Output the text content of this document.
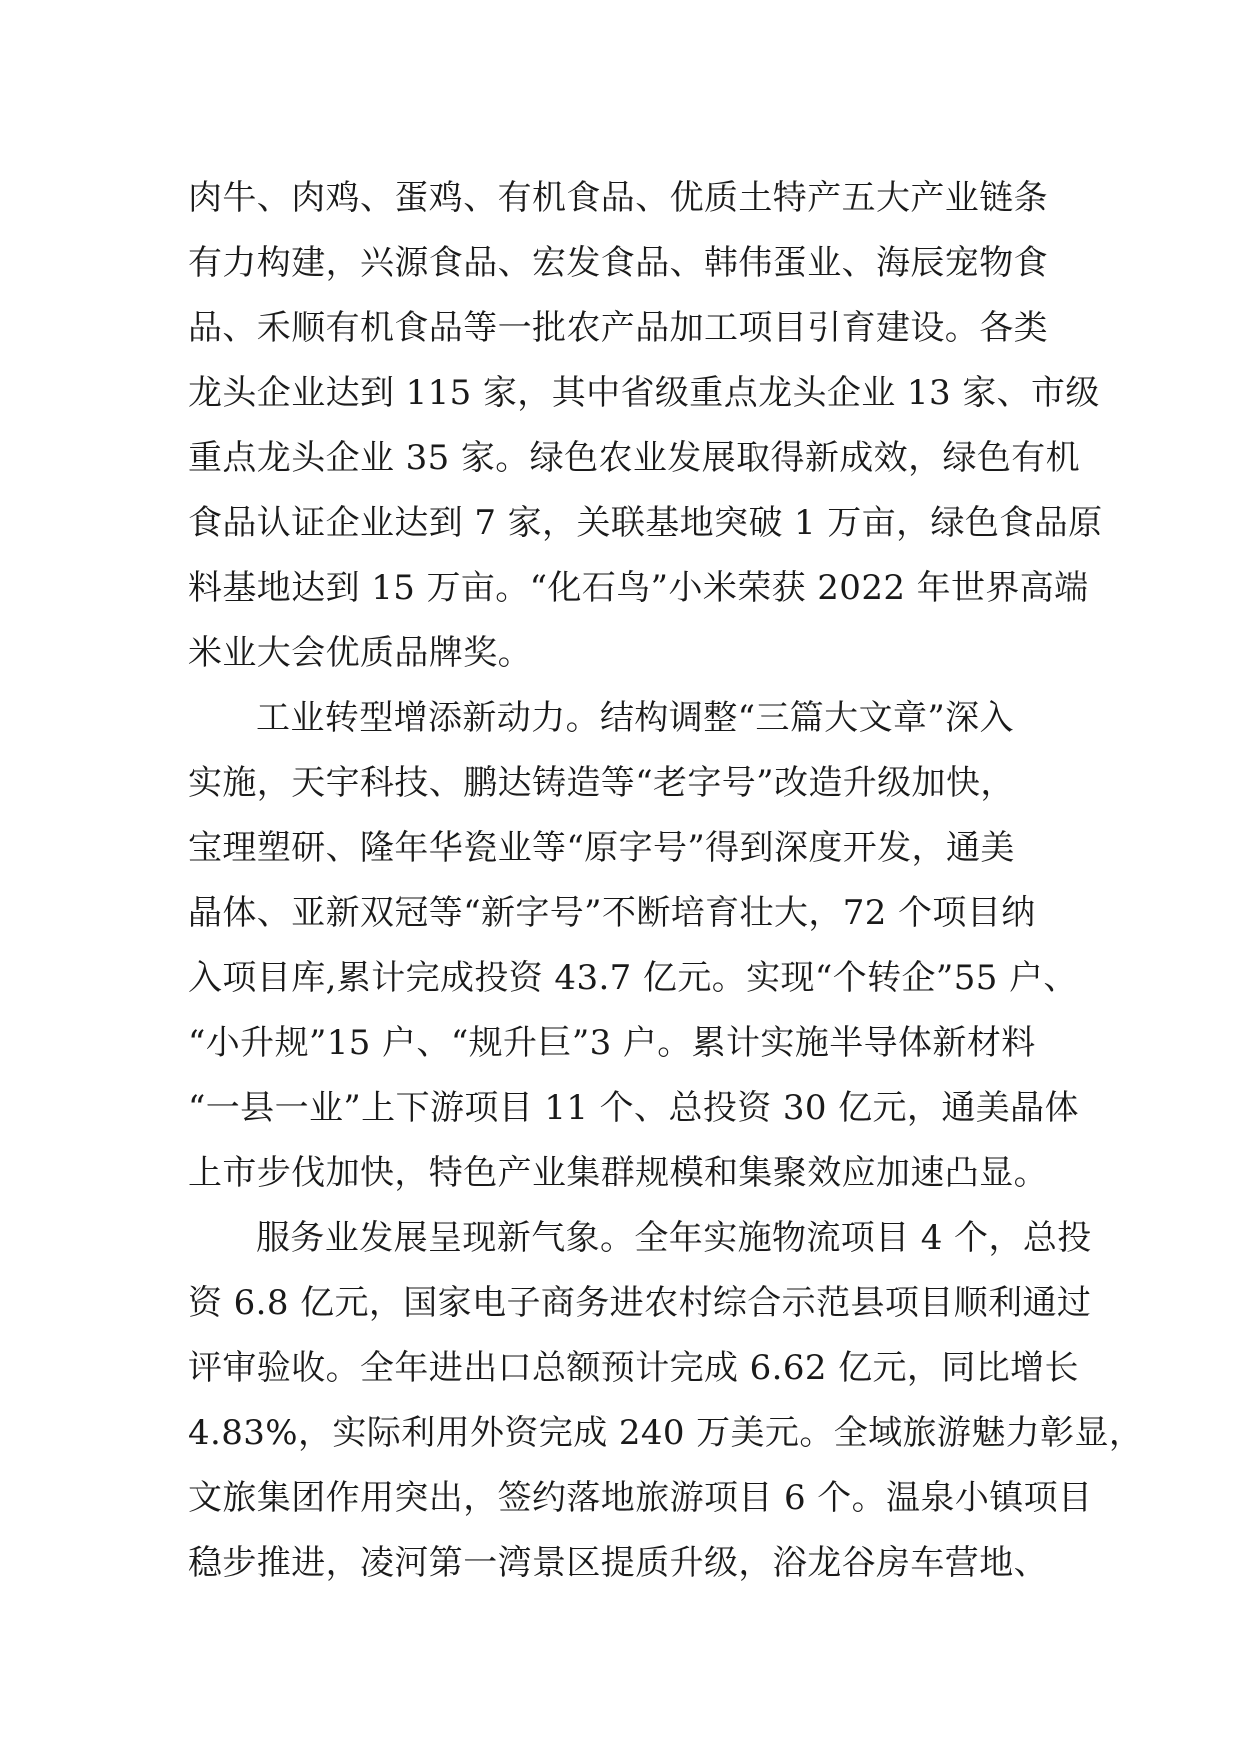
肉牛、肉鸡、蛋鸡、有机食品、优质土特产五大产业链条
有力构建，兴源食品、宏发食品、韩伟蛋业、海辰宠物食
品、禾顺有机食品等一批农产品加工项目引育建设。各类
龙头企业达到 115 家，其中省级重点龙头企业 13 家、市级
重点龙头企业 35 家。绿色农业发展取得新成效，绿色有机
食品认证企业达到 7 家，关联基地突破 1 万亩，绿色食品原
料基地达到 15 万亩。“化石鸟”小米荣获 2022 年世界高端
米业大会优质品牌奖。
工业转型增添新动力。结构调整“三篇大文章”深入
实施，天宇科技、鹏达铸造等“老字号”改造升级加快，
宝理塑研、隆年华瓷业等“原字号”得到深度开发，通美
晶体、亚新双冠等“新字号”不断培育壮大，72 个项目纳
入项目库,累计完成投资 43.7 亿元。实现“个转企”55 户、
“小升规”15 户、“规升巨”3 户。累计实施半导体新材料
“一县一业”上下游项目 11 个、总投资 30 亿元，通美晶体
上市步伐加快，特色产业集群规模和集聚效应加速凸显。
服务业发展呈现新气象。全年实施物流项目 4 个，总投
资 6.8 亿元，国家电子商务进农村综合示范县项目顺利通过
评审验收。全年进出口总额预计完成 6.62 亿元，同比增长
4.83%，实际利用外资完成 240 万美元。全域旅游魅力彰显，
文旅集团作用突出，签约落地旅游项目 6 个。温泉小镇项目
稳步推进，凌河第一湾景区提质升级，浴龙谷房车营地、
